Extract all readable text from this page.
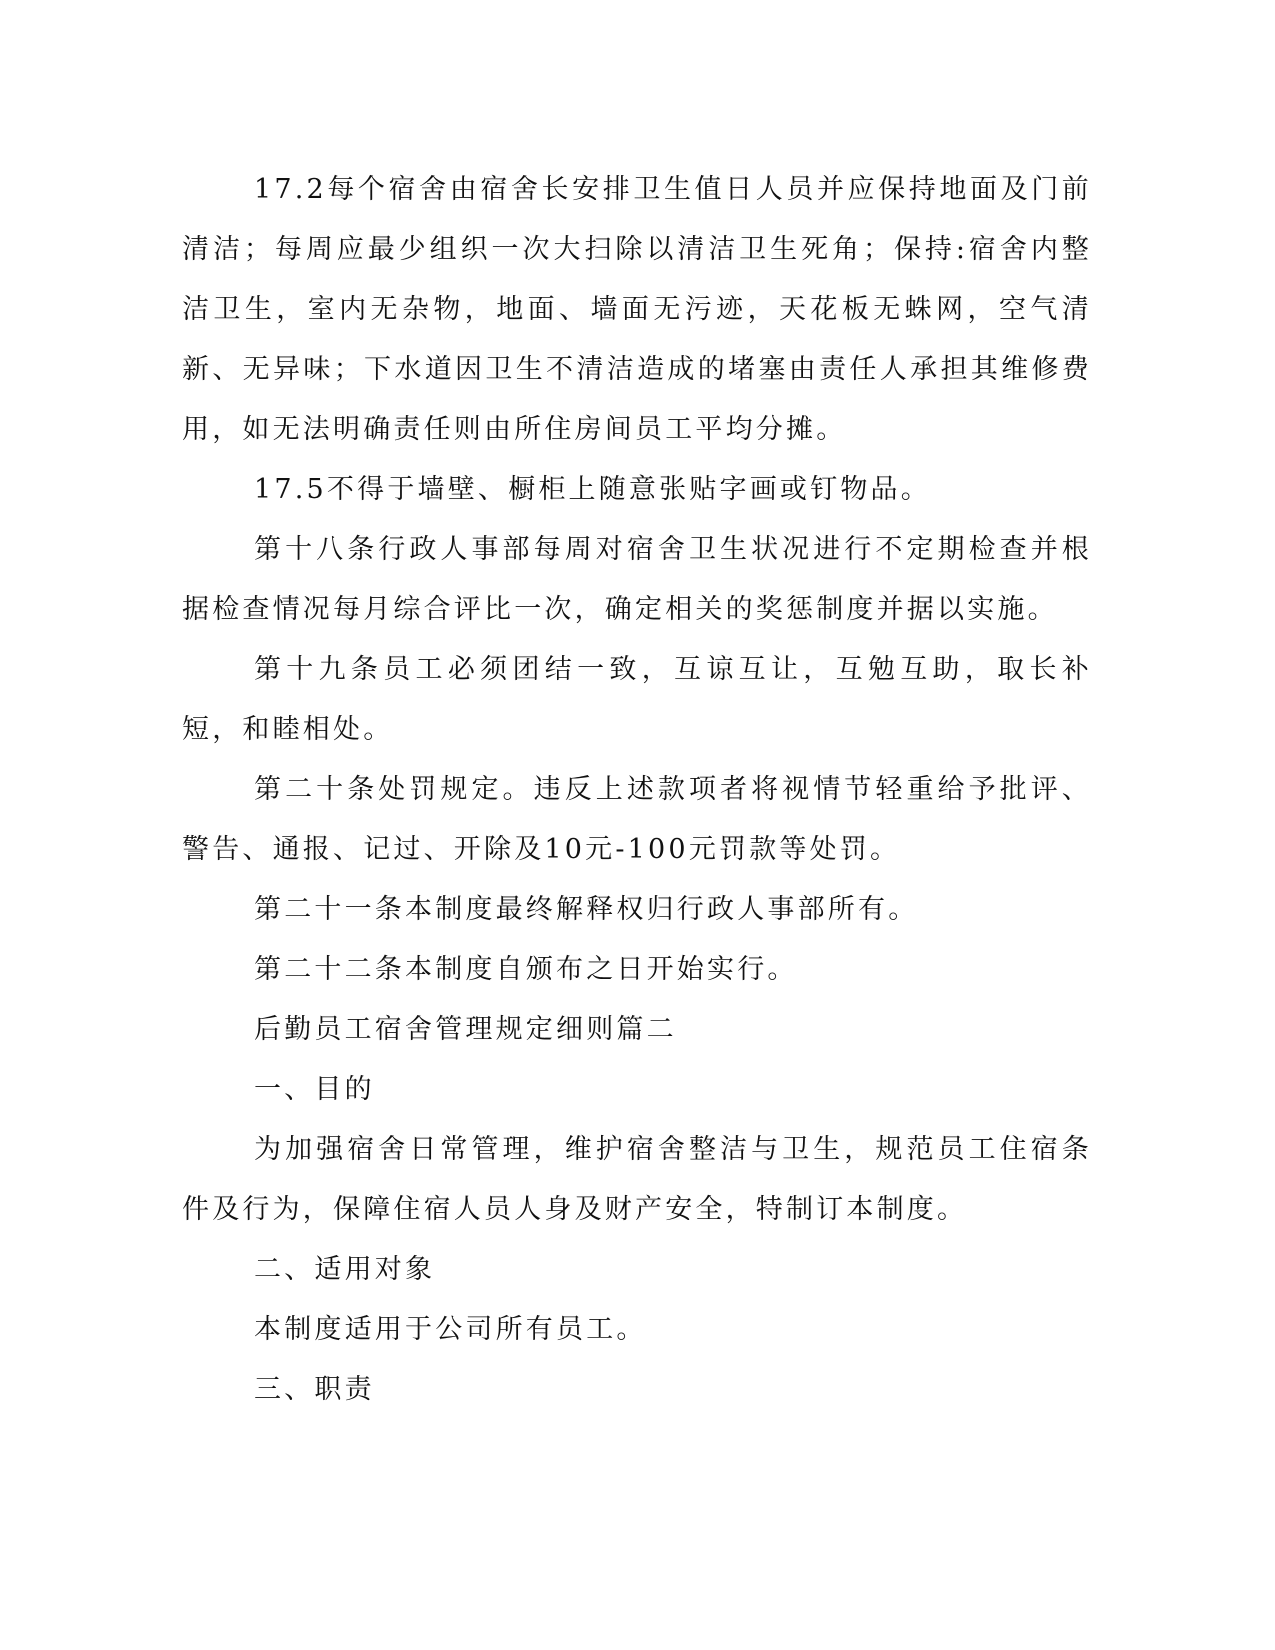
17.2每个宿舍由宿舍长安排卫生值日人员并应保持地面及门前清洁；每周应最少组织一次大扫除以清洁卫生死角；保持:宿舍内整洁卫生，室内无杂物，地面、墙面无污迹，天花板无蛛网，空气清新、无异味；下水道因卫生不清洁造成的堵塞由责任人承担其维修费用，如无法明确责任则由所住房间员工平均分摊。

17.5不得于墙壁、橱柜上随意张贴字画或钉物品。

第十八条行政人事部每周对宿舍卫生状况进行不定期检查并根据检查情况每月综合评比一次，确定相关的奖惩制度并据以实施。

第十九条员工必须团结一致，互谅互让，互勉互助，取长补短，和睦相处。

第二十条处罚规定。违反上述款项者将视情节轻重给予批评、警告、通报、记过、开除及10元-100元罚款等处罚。

第二十一条本制度最终解释权归行政人事部所有。

第二十二条本制度自颁布之日开始实行。

后勤员工宿舍管理规定细则篇二

一、目的

为加强宿舍日常管理，维护宿舍整洁与卫生，规范员工住宿条件及行为，保障住宿人员人身及财产安全，特制订本制度。

二、适用对象

本制度适用于公司所有员工。

三、职责
